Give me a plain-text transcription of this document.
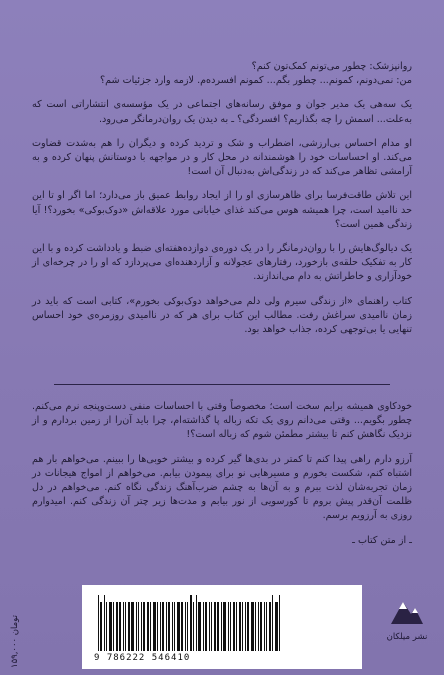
روانپزشک: چطور می‌تونم کمک‌تون کنم؟
من: نمی‌دونم، کمونم... چطور بگم... کمونم افسرده‌م. لازمه وارد جزئیات شم؟

یک سه‌هی یک مدیر جوان و موفق رسانه‌های اجتماعی در یک مؤسسه‌ی انتشاراتی است که به‌علت... اسمش را چه بگذاریم؟ افسردگی؟ ـ به دیدن یک روان‌درمانگر می‌رود.

او مدام احساس بی‌ارزشی، اضطراب و شک و تردید کرده و دیگران را هم به‌شدت قضاوت می‌کند. او احساسات خود را هوشمندانه در محل کار و در مواجهه با دوستانش پنهان کرده و به آرامشی تظاهر می‌کند که در زندگی‌اش به‌دنبال آن است!

این تلاش طاقت‌فرسا برای ظاهرسازی او را از ایجاد روابط عمیق باز می‌دارد؛ اما اگر او تا این حد ناامید است، چرا همیشه هوس می‌کند غذای خیابانی مورد علاقه‌اش «دوک‌بوکی» بخورد؟! آیا زندگی همین است؟

یک دیالوگ‌هایش را با روان‌درمانگر را در یک دوره‌ی دوازده‌هفته‌ای ضبط و یادداشت کرده و با این کار به تفکیک حلقه‌ی بازخورد، رفتارهای عجولانه و آزاردهنده‌ای می‌پردازد که او را در چرخه‌ای از خودآزاری و خاطراتش به دام می‌اندازند.

کتاب راهنمای «از زندگی سیرم ولی دلم می‌خواهد دوک‌بوکی بخورم»، کتابی است که باید در زمان ناامیدی سراغش رفت. مطالب این کتاب برای هر که در ناامیدی روزمره‌ی خود احساس تنهایی یا بی‌توجهی کرده، جذاب خواهد بود.

خودکاوی همیشه برایم سخت است؛ مخصوصاً وقتی با احساسات منفی دست‌وپنجه نرم می‌کنم. چطور بگویم... وقتی می‌دانم روی یک تکه زباله پا گذاشته‌ام، چرا باید آن‌را از زمین بردارم و از نزدیک نگاهش کنم تا بیشتر مطمئن شوم که زباله است؟!

آرزو دارم راهی پیدا کنم تا کمتر در بدی‌ها گیر کرده و بیشتر خوبی‌ها را ببینم. می‌خواهم بار هم اشتباه کنم، شکست بخورم و مسیرهایی نو برای پیمودن بیابم. می‌خواهم از امواج هیجانات در زمان تجربه‌شان لذت ببرم و به آن‌ها به چشم ضرب‌آهنگ زندگی نگاه کنم. می‌خواهم در دل ظلمت آن‌قدر پیش بروم تا کورسویی از نور بیابم و مدت‌ها زیر چتر آن زندگی کنم. امیدوارم روزی به آرزویم برسم.

ـ از متن کتاب ـ
۱۵۹,۰۰۰ تومان
9 786222 546410
نشر میلکان
